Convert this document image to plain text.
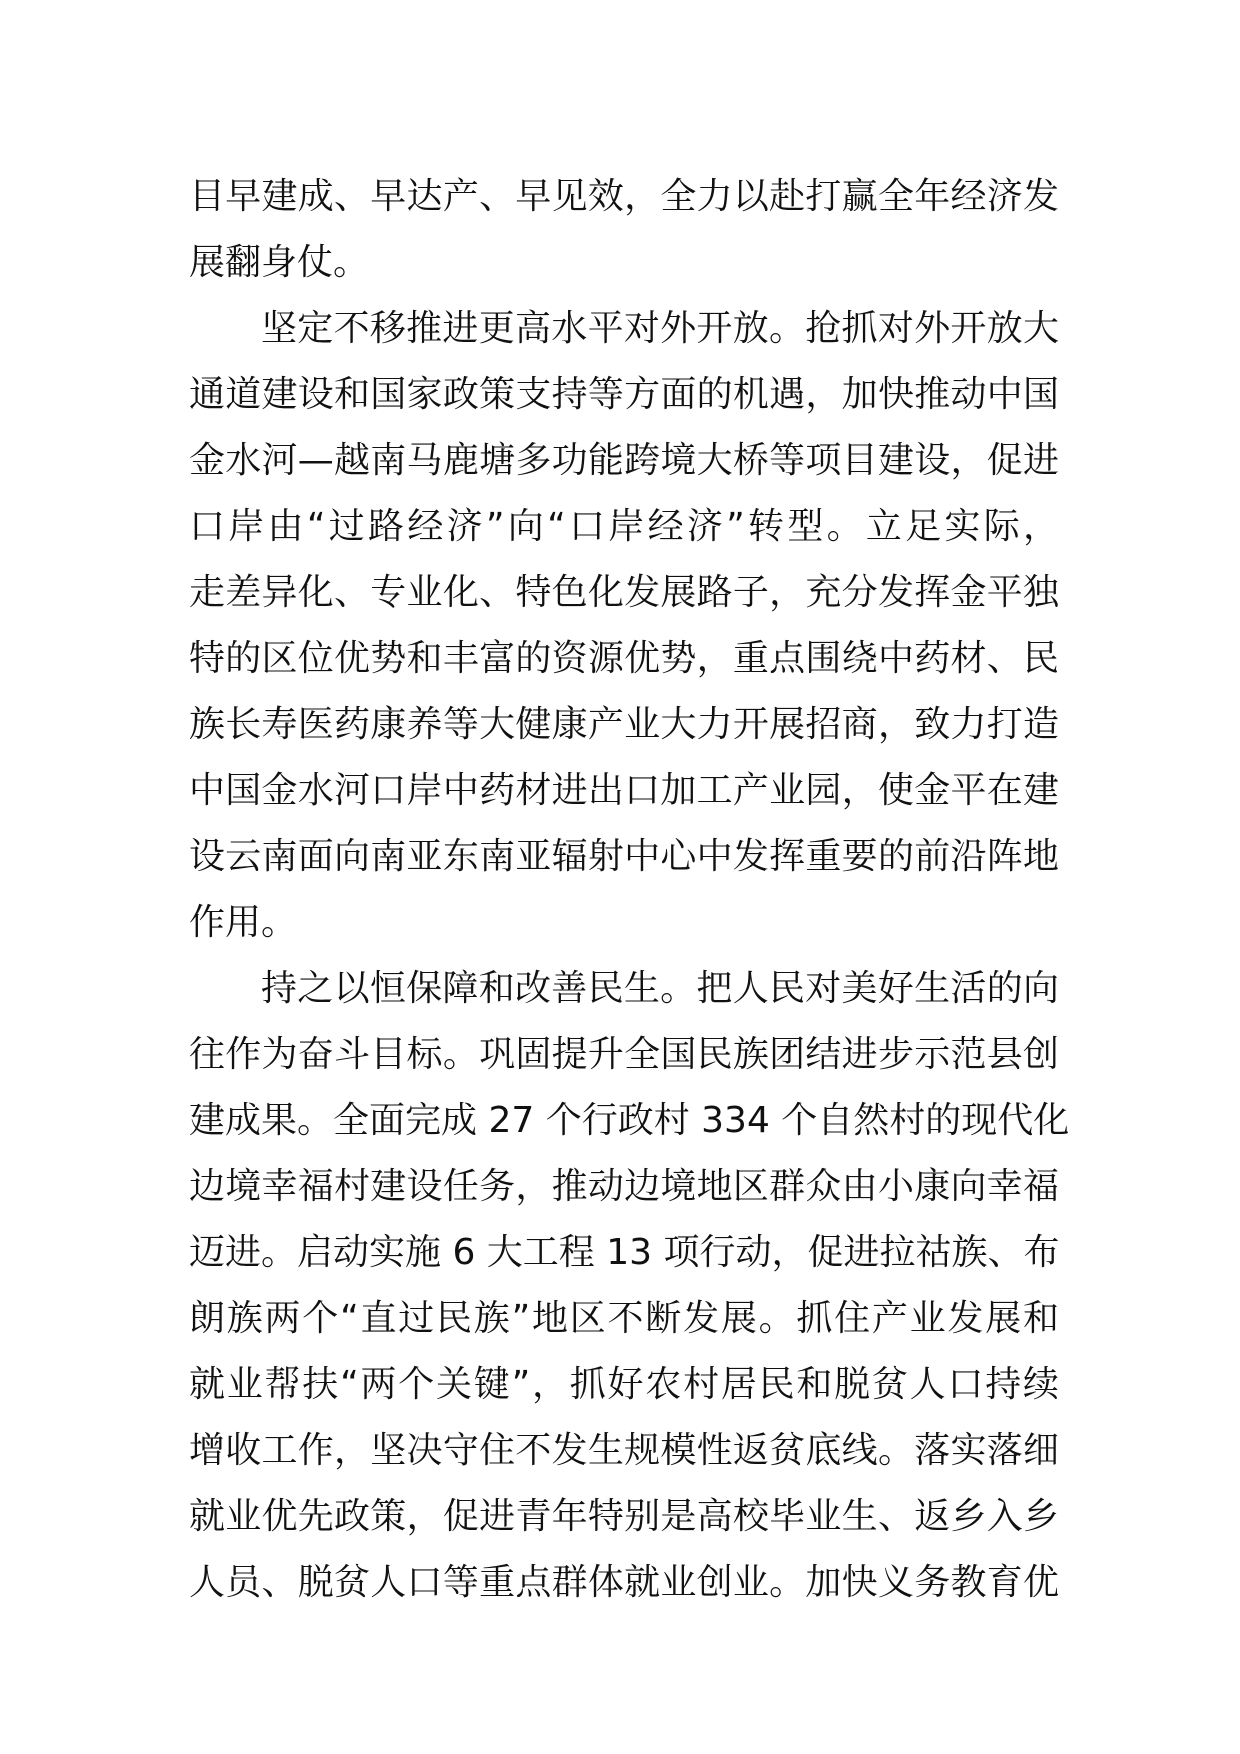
目早建成、早达产、早见效，全力以赴打赢全年经济发
展翻身仗。
坚定不移推进更高水平对外开放。抢抓对外开放大
通道建设和国家政策支持等方面的机遇，加快推动中国
金水河—越南马鹿塘多功能跨境大桥等项目建设，促进
口岸由“过路经济”向“口岸经济”转型。立足实际，
走差异化、专业化、特色化发展路子，充分发挥金平独
特的区位优势和丰富的资源优势，重点围绕中药材、民
族长寿医药康养等大健康产业大力开展招商，致力打造
中国金水河口岸中药材进出口加工产业园，使金平在建
设云南面向南亚东南亚辐射中心中发挥重要的前沿阵地
作用。
持之以恒保障和改善民生。把人民对美好生活的向
往作为奋斗目标。巩固提升全国民族团结进步示范县创
建成果。全面完成 27 个行政村 334 个自然村的现代化
边境幸福村建设任务，推动边境地区群众由小康向幸福
迈进。启动实施 6 大工程 13 项行动，促进拉祜族、布
朗族两个“直过民族”地区不断发展。抓住产业发展和
就业帮扶“两个关键”，抓好农村居民和脱贫人口持续
增收工作，坚决守住不发生规模性返贫底线。落实落细
就业优先政策，促进青年特别是高校毕业生、返乡入乡
人员、脱贫人口等重点群体就业创业。加快义务教育优
